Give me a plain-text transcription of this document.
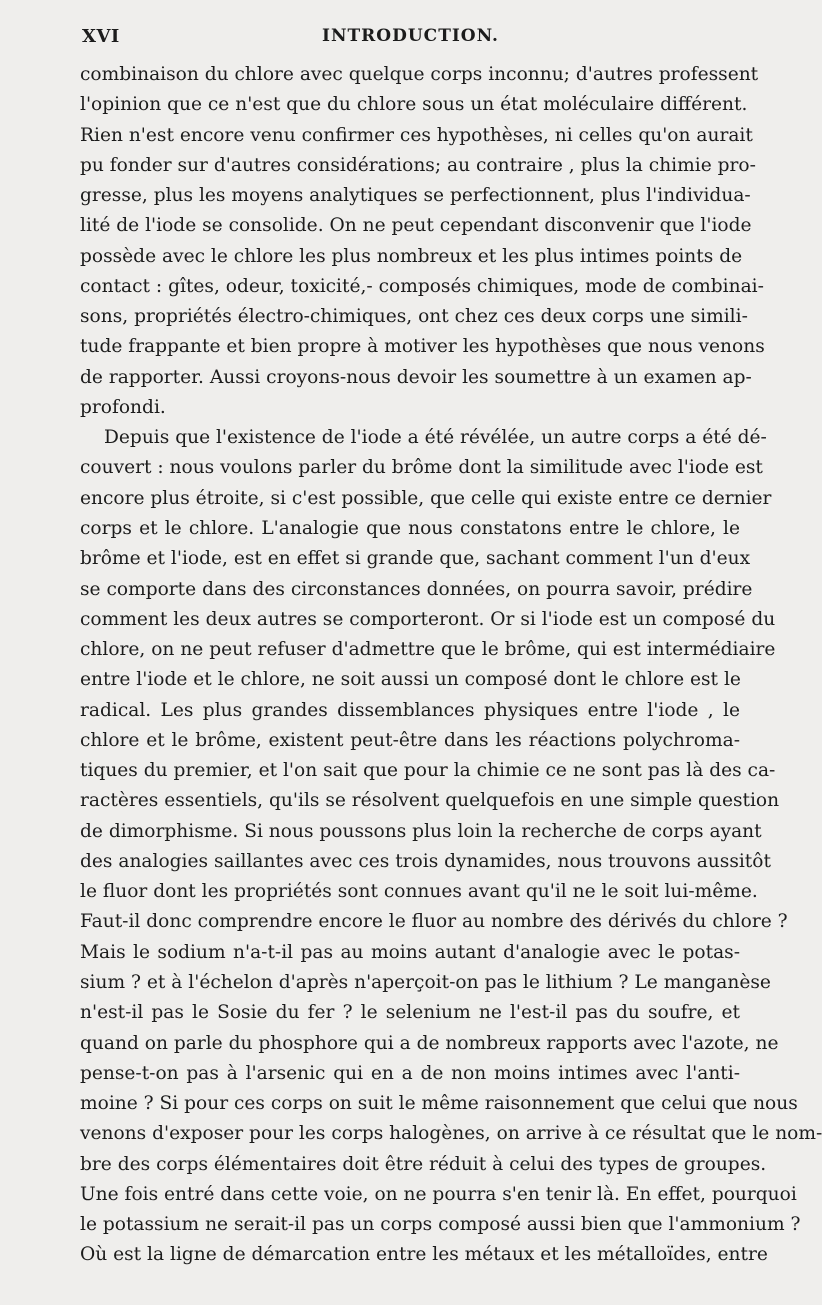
XVI	INTRODUCTION.
combinaison du chlore avec quelque corps inconnu; d'autres professent
l'opinion que ce n'est que du chlore sous un état moléculaire différent.
Rien n'est encore venu confirmer ces hypothèses, ni celles qu'on aurait
pu fonder sur d'autres considérations; au contraire , plus la chimie pro-
gresse, plus les moyens analytiques se perfectionnent, plus l'individua-
lité de l'iode se consolide. On ne peut cependant disconvenir que l'iode
possède avec le chlore les plus nombreux et les plus intimes points de
contact : gîtes, odeur, toxicité,- composés chimiques, mode de combinai-
sons, propriétés électro-chimiques, ont chez ces deux corps une simili-
tude frappante et bien propre à motiver les hypothèses que nous venons
de rapporter. Aussi croyons-nous devoir les soumettre à un examen ap-
profondi.
Depuis que l'existence de l'iode a été révélée, un autre corps a été dé-
couvert : nous voulons parler du brôme dont la similitude avec l'iode est
encore plus étroite, si c'est possible, que celle qui existe entre ce dernier
corps et le chlore. L'analogie que nous constatons entre le chlore, le
brôme et l'iode, est en effet si grande que, sachant comment l'un d'eux
se comporte dans des circonstances données, on pourra savoir, prédire
comment les deux autres se comporteront. Or si l'iode est un composé du
chlore, on ne peut refuser d'admettre que le brôme, qui est intermédiaire
entre l'iode et le chlore, ne soit aussi un composé dont le chlore est le
radical. Les plus grandes dissemblances physiques entre l'iode , le
chlore et le brôme, existent peut-être dans les réactions polychroma-
tiques du premier, et l'on sait que pour la chimie ce ne sont pas là des ca-
ractères essentiels, qu'ils se résolvent quelquefois en une simple question
de dimorphisme. Si nous poussons plus loin la recherche de corps ayant
des analogies saillantes avec ces trois dynamides, nous trouvons aussitôt
le fluor dont les propriétés sont connues avant qu'il ne le soit lui-même.
Faut-il donc comprendre encore le fluor au nombre des dérivés du chlore ?
Mais le sodium n'a-t-il pas au moins autant d'analogie avec le potas-
sium ? et à l'échelon d'après n'aperçoit-on pas le lithium ? Le manganèse
n'est-il pas le Sosie du fer ? le selenium ne l'est-il pas du soufre, et
quand on parle du phosphore qui a de nombreux rapports avec l'azote, ne
pense-t-on pas à l'arsenic qui en a de non moins intimes avec l'anti-
moine ? Si pour ces corps on suit le même raisonnement que celui que nous
venons d'exposer pour les corps halogènes, on arrive à ce résultat que le nom-
bre des corps élémentaires doit être réduit à celui des types de groupes.
Une fois entré dans cette voie, on ne pourra s'en tenir là. En effet, pourquoi
le potassium ne serait-il pas un corps composé aussi bien que l'ammonium ?
Où est la ligne de démarcation entre les métaux et les métalloïdes, entre
